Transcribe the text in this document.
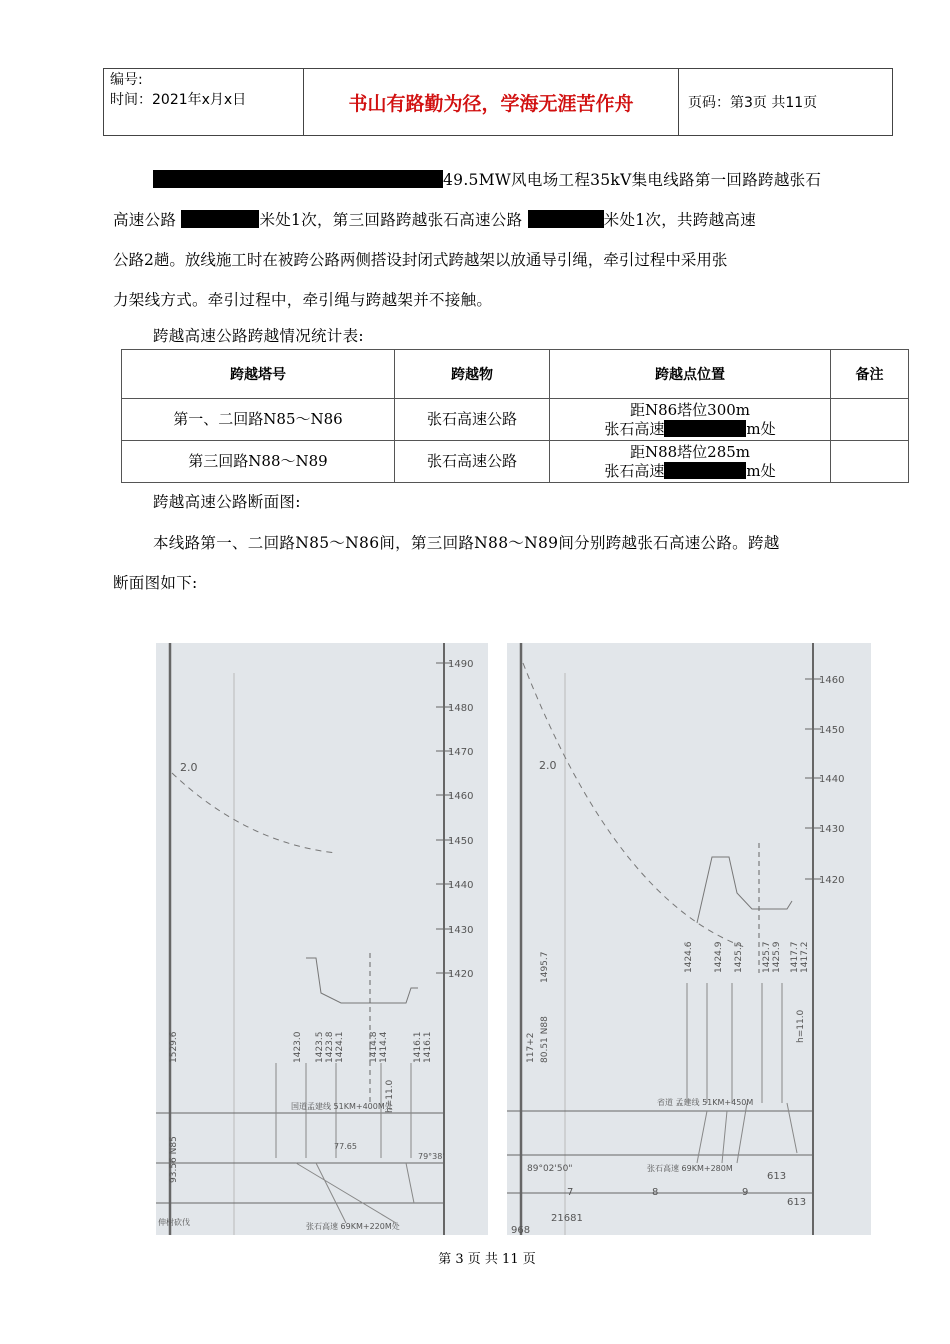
编号:
时间：2021年x月x日	书山有路勤为径，学海无涯苦作舟	页码：第3页 共11页
49.5MW风电场工程35kV集电线路第一回路跨越张石
高速公路	米处1次，第三回路跨越张石高速公路	米处1次，共跨越高速
公路2趟。放线施工时在被跨公路两侧搭设封闭式跨越架以放通导引绳，牵引过程中采用张
力架线方式。牵引过程中，牵引绳与跨越架并不接触。
跨越高速公路跨越情况统计表:
跨越塔号	跨越物	跨越点位置	备注
第一、二回路N85～N86	张石高速公路	距N86塔位300m
张石高速 m处	

第三回路N88～N89	张石高速公路	距N88塔位285m
张石高速 m处	

跨越高速公路断面图:
本线路第一、二回路N85～N86间，第三回路N88～N89间分别跨越张石高速公路。跨越
断面图如下:
1490
1480
1470
1460
1450
1440
1430
1420
2.0
93.56 N85
1529.6	1423.0 1423.5 1423.8 1424.1	1414.8 1414.4	1416.1 1416.1
h=11.0
国道孟建线 51KM+400M处
张石高速 69KM+220M处
79°38'
77.65
伸树砍伐
1460
1450
1440
1430
1420
2.0
80.51 N88
1495.7	1424.6 1424.9 1425.5 1425.7 1425.9 1417.7 1417.2
h=11.0
省道 孟建线 51KM+450M
张石高速 69KM+280M
89°02'50"
613
613
21681
968
117+2
7	8	9
第 3 页 共 11 页
